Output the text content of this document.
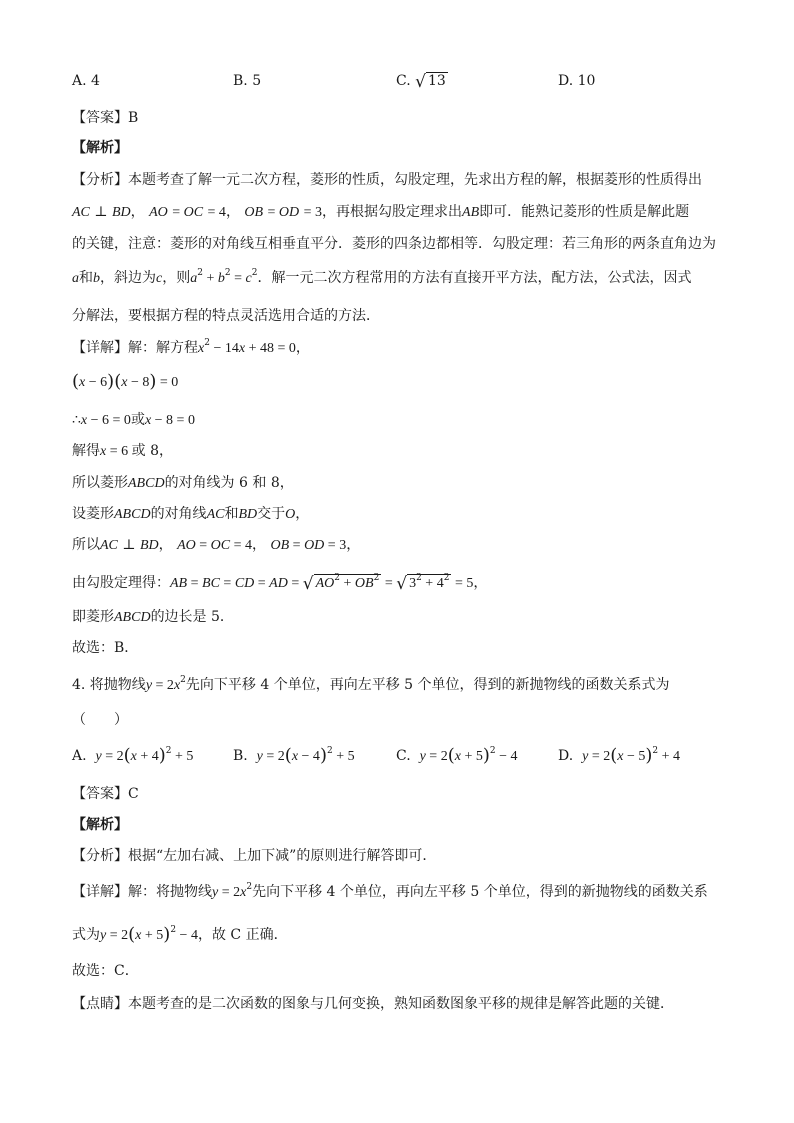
A. 4	B. 5	C. √ 13	D. 10
【答案】B
【解析】
【分析】本题考查了解一元二次方程，菱形的性质，勾股定理，先求出方程的解，根据菱形的性质得出
AC ⊥ BD， AO = OC = 4， OB = OD = 3，再根据勾股定理求出AB即可．能熟记菱形的性质是解此题
的关键，注意：菱形的对角线互相垂直平分．菱形的四条边都相等．勾股定理：若三角形的两条直角边为
a和b，斜边为c，则$a^2 + b^2 = c^2$．解一元二次方程常用的方法有直接开平方法，配方法，公式法，因式
分解法，要根据方程的特点灵活选用合适的方法．
【详解】解：解方程$x^2 - 14x + 48 = 0$，
(x − 6)(x − 8) = 0
∴x − 6 = 0或x − 8 = 0
解得x = 6 或 8，
所以菱形ABCD的对角线为 6 和 8，
设菱形ABCD的对角线AC和BD交于O，
所以AC ⊥ BD， AO = OC = 4， OB = OD = 3，
由勾股定理得：AB = BC = CD = AD = √ $AO^2 + OB^2$ = √ $3^2 + 4^2 = 5$，
即菱形ABCD的边长是 5．
故选：B．
4. 将抛物线$y = 2x^2$先向下平移 4 个单位，再向左平移 5 个单位，得到的新抛物线的函数关系式为
（　　）
A. $y = 2(x + 4)^2 + 5$	B. $y = 2(x - 4)^2 + 5$	C. $y = 2(x + 5)^2 - 4$	D. $y = 2(x - 5)^2 + 4$
【答案】C
【解析】
【分析】根据“左加右减、上加下减”的原则进行解答即可．
【详解】解：将抛物线$y = 2x^2$先向下平移 4 个单位，再向左平移 5 个单位，得到的新抛物线的函数关系
式为$y = 2(x + 5)^2 - 4$，故 C 正确．
故选：C．
【点睛】本题考查的是二次函数的图象与几何变换，熟知函数图象平移的规律是解答此题的关键．
